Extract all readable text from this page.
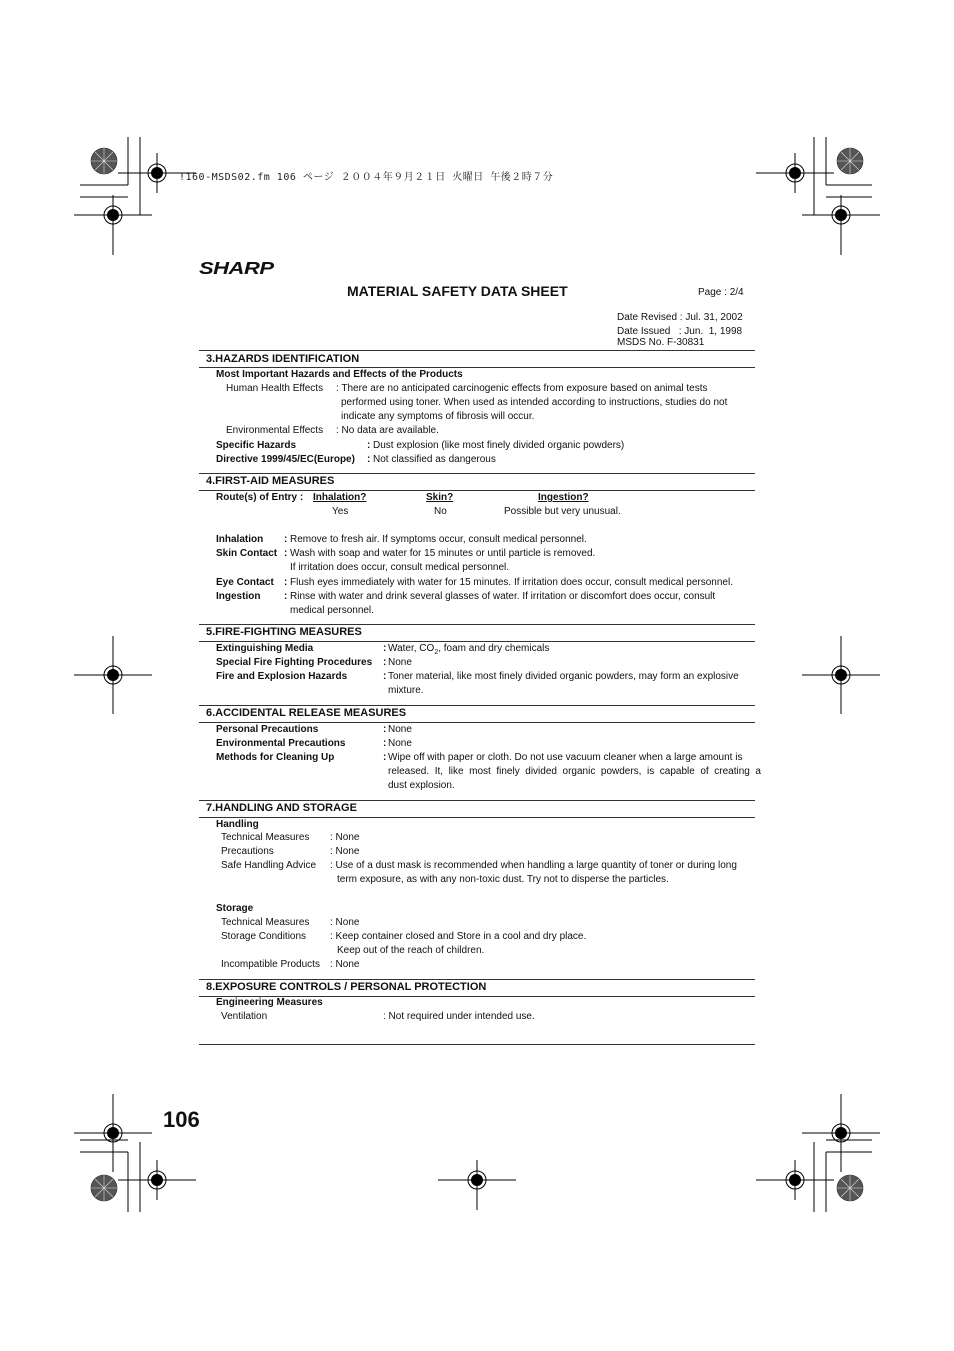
!160-MSDS02.fm 106 ページ ２００４年９月２１日 火曜日 午後２時７分
SHARP
MATERIAL SAFETY DATA SHEET	Page : 2/4
Date Revised : Jul. 31, 2002
Date Issued   : Jun.  1, 1998
MSDS No. F-30831
3.HAZARDS IDENTIFICATION
Most Important Hazards and Effects of the Products
Human Health Effects : There are no anticipated carcinogenic effects from exposure based on animal tests
performed using toner. When used as intended according to instructions, studies do not
indicate any symptoms of fibrosis will occur.
Environmental Effects : No data are available.
Specific Hazards	: Dust explosion (like most finely divided organic powders)
Directive 1999/45/EC(Europe) : Not classified as dangerous
4.FIRST-AID MEASURES
Route(s) of Entry : Inhalation?	Skin?	Ingestion?
Yes	No	Possible but very unusual.
Inhalation : Remove to fresh air. If symptoms occur, consult medical personnel.
Skin Contact : Wash with soap and water for 15 minutes or until particle is removed.
If irritation does occur, consult medical personnel.
Eye Contact : Flush eyes immediately with water for 15 minutes. If irritation does occur, consult medical personnel.
Ingestion : Rinse with water and drink several glasses of water. If irritation or discomfort does occur, consult
medical personnel.
5.FIRE-FIGHTING MEASURES
Extinguishing Media	: Water, $CO_2$, foam and dry chemicals
Special Fire Fighting Procedures : None
Fire and Explosion Hazards	: Toner material, like most finely divided organic powders, may form an explosive
mixture.
6.ACCIDENTAL RELEASE MEASURES
Personal Precautions	: None
Environmental Precautions	: None
Methods for Cleaning Up	: Wipe off with paper or cloth. Do not use vacuum cleaner when a large amount is
released.  It,  like  most  finely  divided  organic  powders,  is  capable  of  creating  a
dust explosion.
7.HANDLING AND STORAGE
Handling
Technical Measures : None
Precautions	: None
Safe Handling Advice : Use of a dust mask is recommended when handling a large quantity of toner or during long
term exposure, as with any non-toxic dust. Try not to disperse the particles.
Storage
Technical Measures : None
Storage Conditions : Keep container closed and Store in a cool and dry place.
Keep out of the reach of children.
Incompatible Products : None
8.EXPOSURE CONTROLS / PERSONAL PROTECTION
Engineering Measures
Ventilation	: Not required under intended use.
106
